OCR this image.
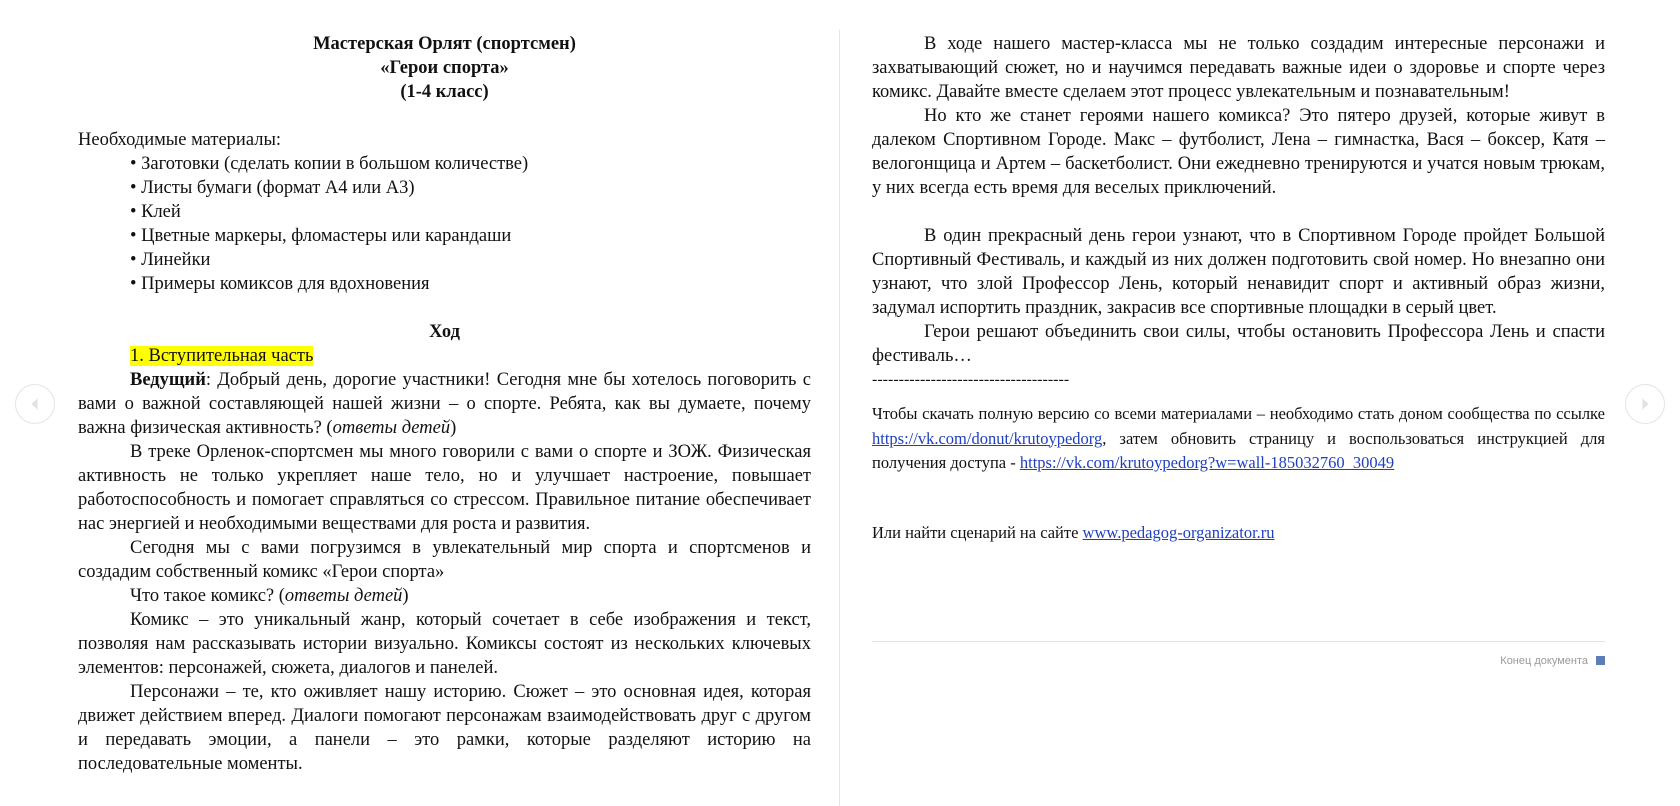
Мастерская Орлят (спортсмен)
«Герои спорта»
(1-4 класс)
Необходимые материалы:
• Заготовки (сделать копии в большом количестве)
• Листы бумаги (формат А4 или А3)
• Клей
• Цветные маркеры, фломастеры или карандаши
• Линейки
• Примеры комиксов для вдохновения
Ход

1. Вступительная часть

Ведущий: Добрый день, дорогие участники! Сегодня мне бы хотелось поговорить с вами о важной составляющей нашей жизни – о спорте. Ребята, как вы думаете, почему важна физическая активность? (ответы детей)

В треке Орленок-спортсмен мы много говорили с вами о спорте и ЗОЖ. Физическая активность не только укрепляет наше тело, но и улучшает настроение, повышает работоспособность и помогает справляться со стрессом. Правильное питание обеспечивает нас энергией и необходимыми веществами для роста и развития.

Сегодня мы с вами погрузимся в увлекательный мир спорта и спортсменов и создадим собственный комикс «Герои спорта»

Что такое комикс? (ответы детей)

Комикс – это уникальный жанр, который сочетает в себе изображения и текст, позволяя нам рассказывать истории визуально. Комиксы состоят из нескольких ключевых элементов: персонажей, сюжета, диалогов и панелей.

Персонажи – те, кто оживляет нашу историю. Сюжет – это основная идея, которая движет действием вперед. Диалоги помогают персонажам взаимодействовать друг с другом и передавать эмоции, а панели – это рамки, которые разделяют историю на последовательные моменты.

В ходе нашего мастер-класса мы не только создадим интересные персонажи и захватывающий сюжет, но и научимся передавать важные идеи о здоровье и спорте через комикс. Давайте вместе сделаем этот процесс увлекательным и познавательным!

Но кто же станет героями нашего комикса? Это пятеро друзей, которые живут в далеком Спортивном Городе. Макс – футболист, Лена – гимнастка, Вася – боксер, Катя – велогонщица и Артем – баскетболист. Они ежедневно тренируются и учатся новым трюкам, у них всегда есть время для веселых приключений.

В один прекрасный день герои узнают, что в Спортивном Городе пройдет Большой Спортивный Фестиваль, и каждый из них должен подготовить свой номер. Но внезапно они узнают, что злой Профессор Лень, который ненавидит спорт и активный образ жизни, задумал испортить праздник, закрасив все спортивные площадки в серый цвет.

Герои решают объединить свои силы, чтобы остановить Профессора Лень и спасти фестиваль…

-------------------------------------

Чтобы скачать полную версию со всеми материалами – необходимо стать доном сообщества по ссылке https://vk.com/donut/krutoypedorg, затем обновить страницу и воспользоваться инструкцией для получения доступа - https://vk.com/krutoypedorg?w=wall-185032760_30049

Или найти сценарий на сайте www.pedagog-organizator.ru

Конец документа
